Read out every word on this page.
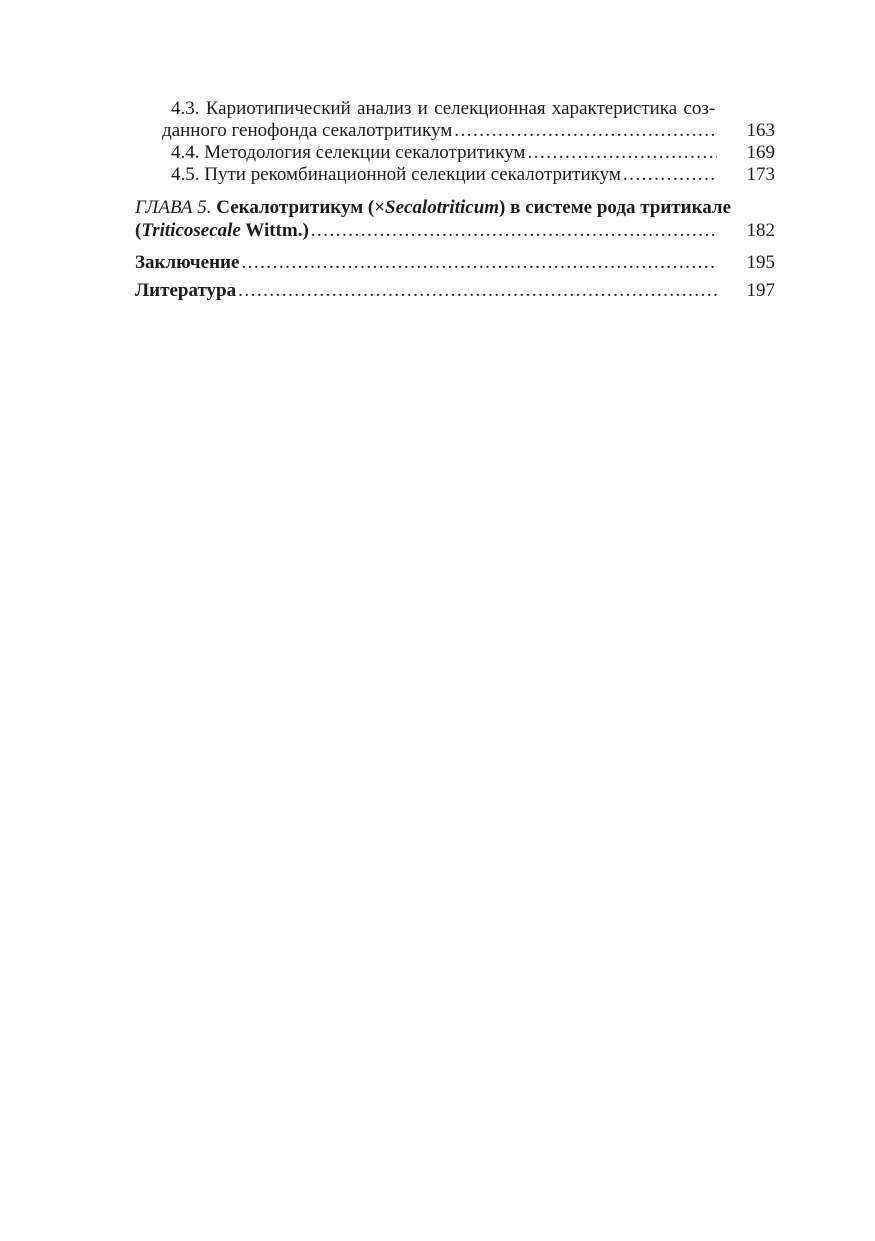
4.3. Кариотипический анализ и селекционная характеристика соз-
данного генофонда секалотритикум .....	163
4.4. Методология селекции секалотритикум .....	169
4.5. Пути рекомбинационной селекции секалотритикум .....	173
ГЛАВА 5. Секалотритикум (×Secalotriticum) в системе рода тритикале
(Triticosecale Wittm.) .....	182
Заключение .....	195
Литература .....	197
